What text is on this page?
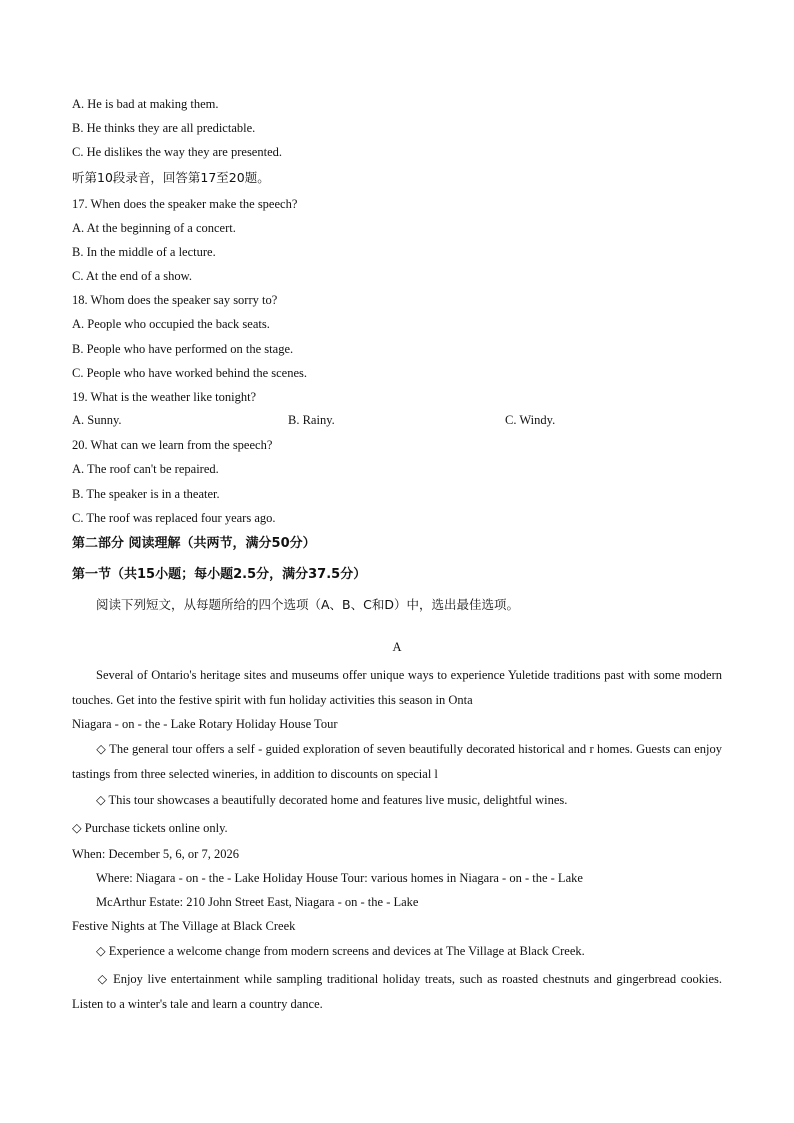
A. He is bad at making them.
B. He thinks they are all predictable.
C. He dislikes the way they are presented.
听第10段录音，回答第17至20题。
17. When does the speaker make the speech?
A. At the beginning of a concert.
B. In the middle of a lecture.
C. At the end of a show.
18. Whom does the speaker say sorry to?
A. People who occupied the back seats.
B. People who have performed on the stage.
C. People who have worked behind the scenes.
19. What is the weather like tonight?
A. Sunny.	B. Rainy.	C. Windy.
20. What can we learn from the speech?
A. The roof can't be repaired.
B. The speaker is in a theater.
C. The roof was replaced four years ago.
第二部分 阅读理解（共两节，满分50分）
第一节（共15小题；每小题2.5分，满分37.5分）
阅读下列短文，从每题所给的四个选项（A、B、C和D）中，选出最佳选项。
A
Several of Ontario's heritage sites and museums offer unique ways to experience Yuletide traditions past with some modern touches. Get into the festive spirit with fun holiday activities this season in Onta
Niagara - on - the - Lake Rotary Holiday House Tour
◇ The general tour offers a self - guided exploration of seven beautifully decorated historical and r homes. Guests can enjoy tastings from three selected wineries, in addition to discounts on special l
◇ This tour showcases a beautifully decorated home and features live music, delightful wines.
◇ Purchase tickets online only.
When: December 5, 6, or 7, 2026
Where: Niagara - on - the - Lake Holiday House Tour: various homes in Niagara - on - the - Lake
McArthur Estate: 210 John Street East, Niagara - on - the - Lake
Festive Nights at The Village at Black Creek
◇ Experience a welcome change from modern screens and devices at The Village at Black Creek.
◇ Enjoy live entertainment while sampling traditional holiday treats, such as roasted chestnuts and gingerbread cookies. Listen to a winter's tale and learn a country dance.
